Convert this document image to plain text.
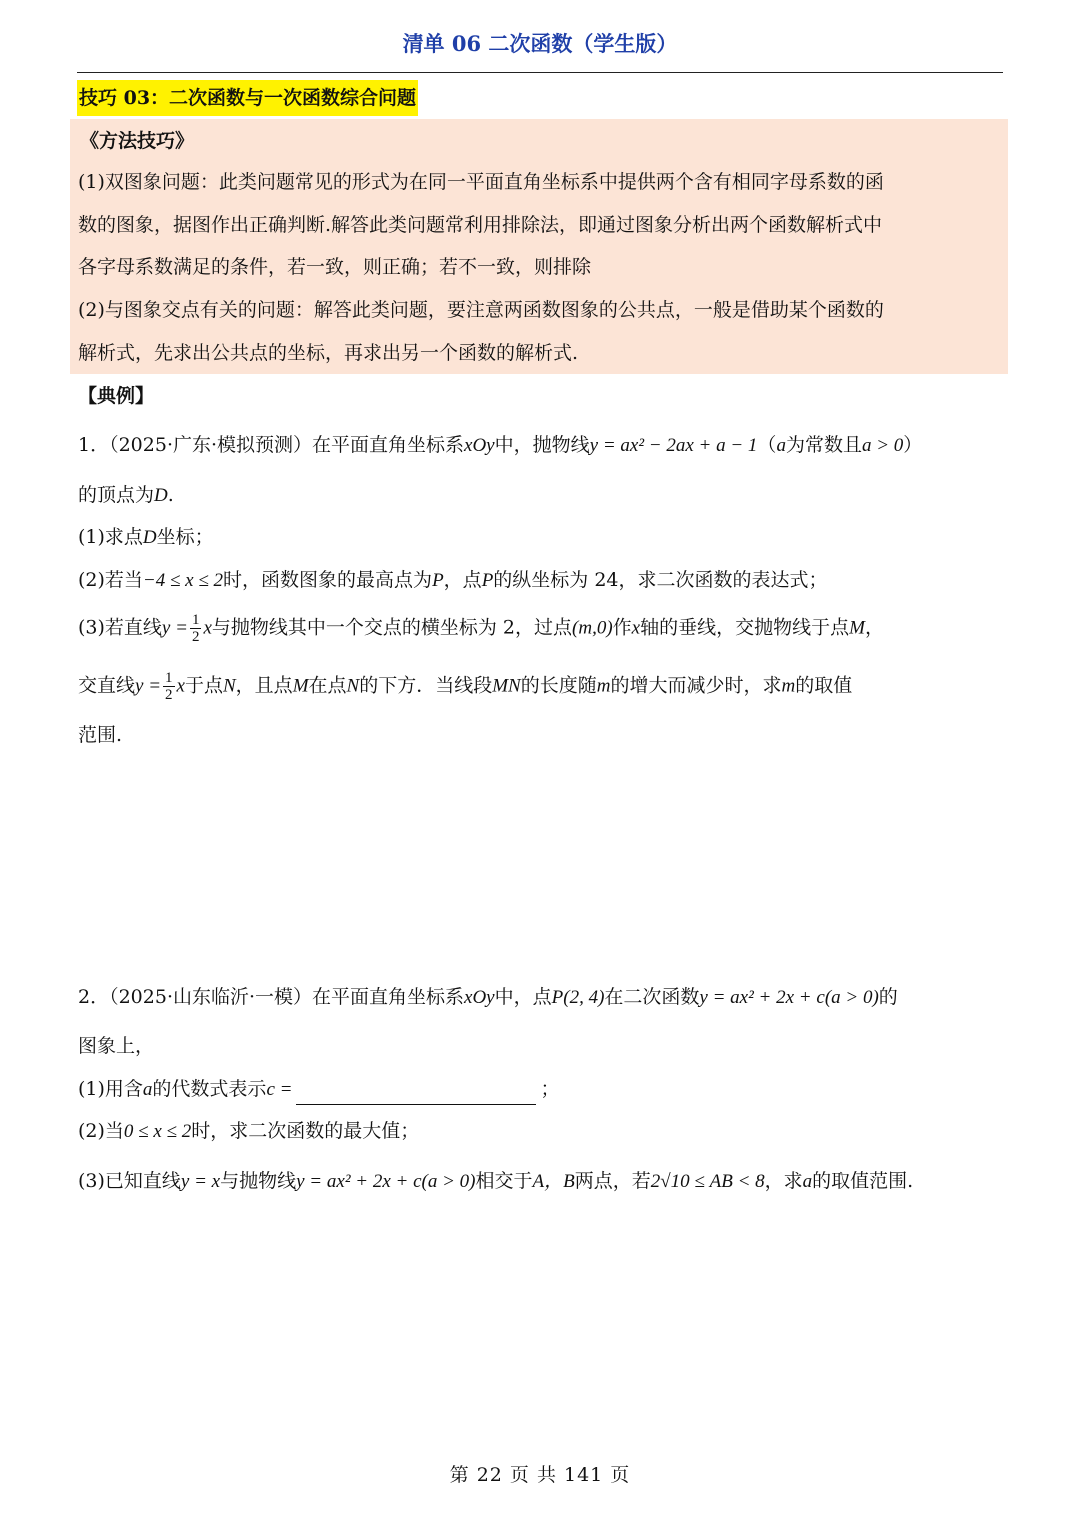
清单 06 二次函数（学生版）
技巧 03：二次函数与一次函数综合问题
《方法技巧》
(1)双图象问题：此类问题常见的形式为在同一平面直角坐标系中提供两个含有相同字母系数的函
数的图象，据图作出正确判断.解答此类问题常利用排除法，即通过图象分析出两个函数解析式中
各字母系数满足的条件，若一致，则正确；若不一致，则排除
(2)与图象交点有关的问题：解答此类问题，要注意两函数图象的公共点，一般是借助某个函数的
解析式，先求出公共点的坐标，再求出另一个函数的解析式.
【典例】
1．（2025·广东·模拟预测）在平面直角坐标系xOy中，抛物线y = ax² − 2ax + a − 1（a为常数且a > 0）
的顶点为D.
(1)求点D坐标；
(2)若当−4 ≤ x ≤ 2时，函数图象的最高点为P，点P的纵坐标为 24，求二次函数的表达式；
(3)若直线$y = \frac{1}{2}$ x与抛物线其中一个交点的横坐标为 2，过点(m,0)作x轴的垂线，交抛物线于点M，
交直线$y = \frac{1}{2}$ x于点N，且点M在点N的下方．当线段MN的长度随m的增大而减少时，求m的取值
范围.
2．（2025·山东临沂·一模）在平面直角坐标系xOy中，点P(2, 4)在二次函数y = ax² + 2x + c(a > 0)的
图象上，
(1)用含a的代数式表示c =	；
(2)当0 ≤ x ≤ 2时，求二次函数的最大值；
(3)已知直线y = x与抛物线y = ax² + 2x + c(a > 0)相交于A，B两点，若2√10 ≤ AB < 8，求a的取值范围.
第 22 页 共 141 页
